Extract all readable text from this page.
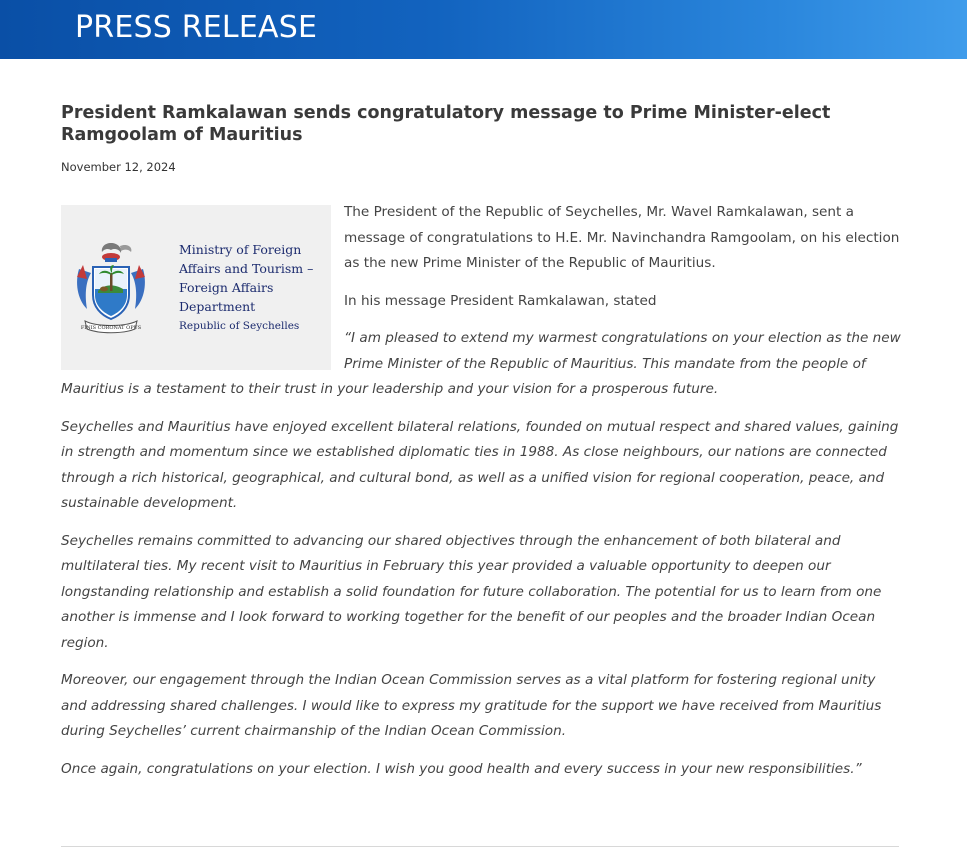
PRESS RELEASE
President Ramkalawan sends congratulatory message to Prime Minister-elect Ramgoolam of Mauritius
November 12, 2024
FINIS CORONAT OPUS
Ministry of Foreign
Affairs and Tourism –
Foreign Affairs
Department
Republic of Seychelles

The President of the Republic of Seychelles, Mr. Wavel Ramkalawan, sent a message of congratulations to H.E. Mr. Navinchandra Ramgoolam, on his election as the new Prime Minister of the Republic of Mauritius.

In his message President Ramkalawan, stated

“I am pleased to extend my warmest congratulations on your election as the new Prime Minister of the Republic of Mauritius. This mandate from the people of Mauritius is a testament to their trust in your leadership and your vision for a prosperous future.

Seychelles and Mauritius have enjoyed excellent bilateral relations, founded on mutual respect and shared values, gaining in strength and momentum since we established diplomatic ties in 1988. As close neighbours, our nations are connected through a rich historical, geographical, and cultural bond, as well as a unified vision for regional cooperation, peace, and sustainable development.

Seychelles remains committed to advancing our shared objectives through the enhancement of both bilateral and multilateral ties. My recent visit to Mauritius in February this year provided a valuable opportunity to deepen our longstanding relationship and establish a solid foundation for future collaboration. The potential for us to learn from one another is immense and I look forward to working together for the benefit of our peoples and the broader Indian Ocean region.

Moreover, our engagement through the Indian Ocean Commission serves as a vital platform for fostering regional unity and addressing shared challenges. I would like to express my gratitude for the support we have received from Mauritius during Seychelles’ current chairmanship of the Indian Ocean Commission.

Once again, congratulations on your election. I wish you good health and every success in your new responsibilities.”
